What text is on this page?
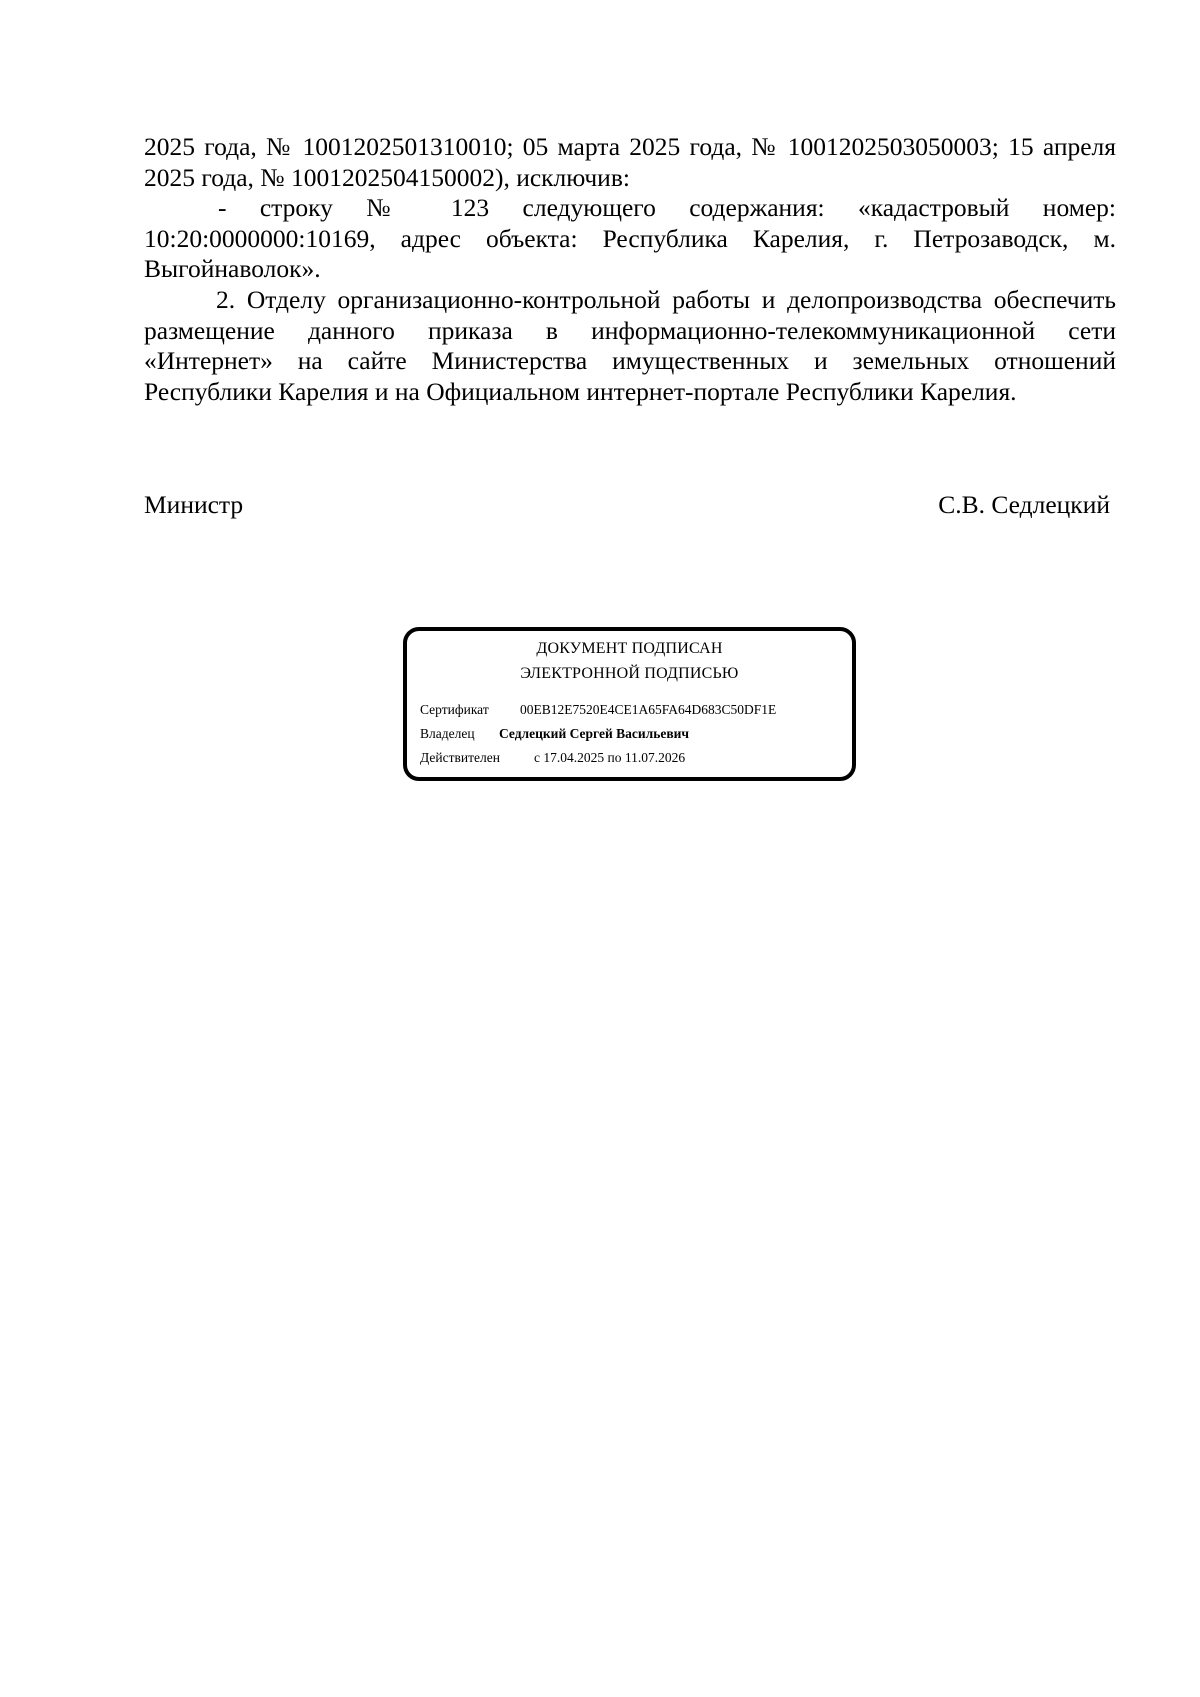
2025 года, № 1001202501310010; 05 марта 2025 года, № 1001202503050003; 15 апреля 2025 года, № 1001202504150002), исключив:

- строку № 123 следующего содержания: «кадастровый номер: 10:20:0000000:10169, адрес объекта: Республика Карелия, г. Петрозаводск, м. Выгойнаволок».

2. Отделу организационно-контрольной работы и делопроизводства обеспечить размещение данного приказа в информационно-телекоммуникационной сети «Интернет» на сайте Министерства имущественных и земельных отношений Республики Карелия и на Официальном интернет-портале Республики Карелия.

Министр	С.В. Седлецкий
ДОКУМЕНТ ПОДПИСАН
ЭЛЕКТРОННОЙ ПОДПИСЬЮ
Сертификат 00EB12E7520E4CE1A65FA64D683C50DF1E
Владелец Седлецкий Сергей Васильевич
Действителен	с 17.04.2025 по 11.07.2026
